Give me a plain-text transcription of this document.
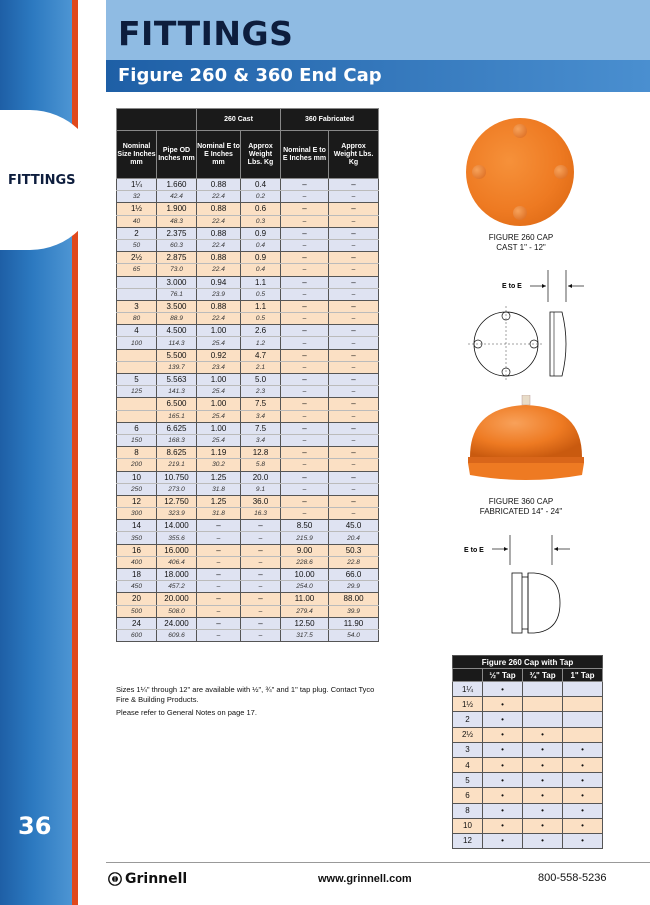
FITTINGS
Figure 260 & 360 End Cap
FITTINGS
36
		260 Cast		360 Fabricated	
Nominal Size Inches mm	Pipe OD Inches mm	Nominal E to E Inches mm	Approx Weight Lbs. Kg	Nominal E to E Inches mm	Approx Weight Lbs. Kg
1¼	1.660	0.88	0.4	–	–
32	42.4	22.4	0.2	–	–
1½	1.900	0.88	0.6	–	–
40	48.3	22.4	0.3	–	–
2	2.375	0.88	0.9	–	–
50	60.3	22.4	0.4	–	–
2½	2.875	0.88	0.9	–	–
65	73.0	22.4	0.4	–	–
	3.000	0.94	1.1	–	–
	76.1	23.9	0.5	–	–
3	3.500	0.88	1.1	–	–
80	88.9	22.4	0.5	–	–
4	4.500	1.00	2.6	–	–
100	114.3	25.4	1.2	–	–
	5.500	0.92	4.7	–	–
	139.7	23.4	2.1	–	–
5	5.563	1.00	5.0	–	–
125	141.3	25.4	2.3	–	–
	6.500	1.00	7.5	–	–
	165.1	25.4	3.4	–	–
6	6.625	1.00	7.5	–	–
150	168.3	25.4	3.4	–	–
8	8.625	1.19	12.8	–	–
200	219.1	30.2	5.8	–	–
10	10.750	1.25	20.0	–	–
250	273.0	31.8	9.1	–	–
12	12.750	1.25	36.0	–	–
300	323.9	31.8	16.3	–	–
14	14.000	–	–	8.50	45.0
350	355.6	–	–	215.9	20.4
16	16.000	–	–	9.00	50.3
400	406.4	–	–	228.6	22.8
18	18.000	–	–	10.00	66.0
450	457.2	–	–	254.0	29.9
20	20.000	–	–	11.00	88.00
500	508.0	–	–	279.4	39.9
24	24.000	–	–	12.50	11.90
600	609.6	–	–	317.5	54.0

Sizes 1¼" through 12" are available with ½", ¾" and 1" tap plug. Contact Tyco Fire & Building Products.

Please refer to General Notes on page 17.

FIGURE 260 CAP
CAST 1" - 12"
E to E
FIGURE 360 CAP
FABRICATED 14" - 24"
E to E
Figure 260 Cap with Tap
	½" Tap	¾" Tap	1" Tap
1¼	•		
1½	•		
2	•		
2½	•	•	
3	•	•	•
4	•	•	•
5	•	•	•
6	•	•	•
8	•	•	•
10	•	•	•
12	•	•	•
Grinnell	www.grinnell.com	800-558-5236
